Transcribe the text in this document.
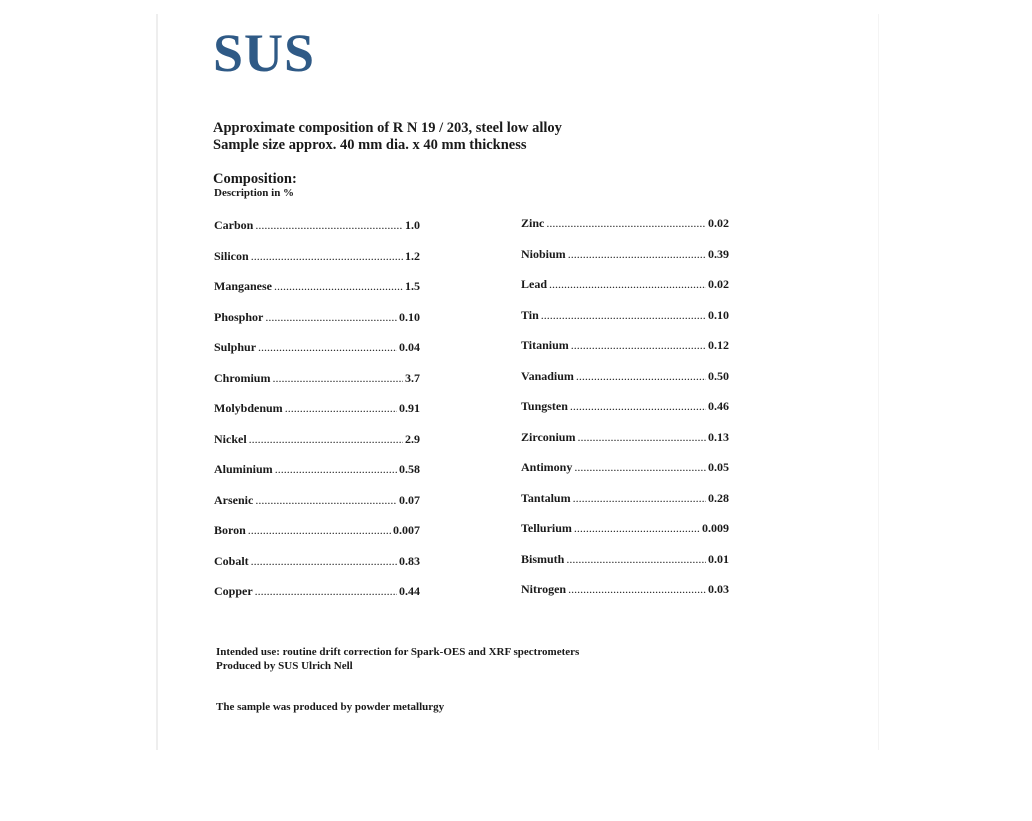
SUS
Approximate composition of R N 19 / 203, steel low alloy
Sample size approx. 40 mm dia. x 40 mm thickness
Composition:
Description in %
Carbon .....	1.0
Silicon .....	1.2
Manganese .....	1.5
Phosphor .....	0.10
Sulphur .....	0.04
Chromium .....	3.7
Molybdenum .....	0.91
Nickel .....	2.9
Aluminium .....	0.58
Arsenic .....	0.07
Boron .....	0.007
Cobalt .....	0.83
Copper .....	0.44
Zinc .....	0.02
Niobium .....	0.39
Lead .....	0.02
Tin .....	0.10
Titanium .....	0.12
Vanadium .....	0.50
Tungsten .....	0.46
Zirconium .....	0.13
Antimony .....	0.05
Tantalum .....	0.28
Tellurium .....	0.009
Bismuth .....	0.01
Nitrogen .....	0.03
Intended use: routine drift correction for Spark-OES and XRF spectrometers
Produced by SUS Ulrich Nell
The sample was produced by powder metallurgy
